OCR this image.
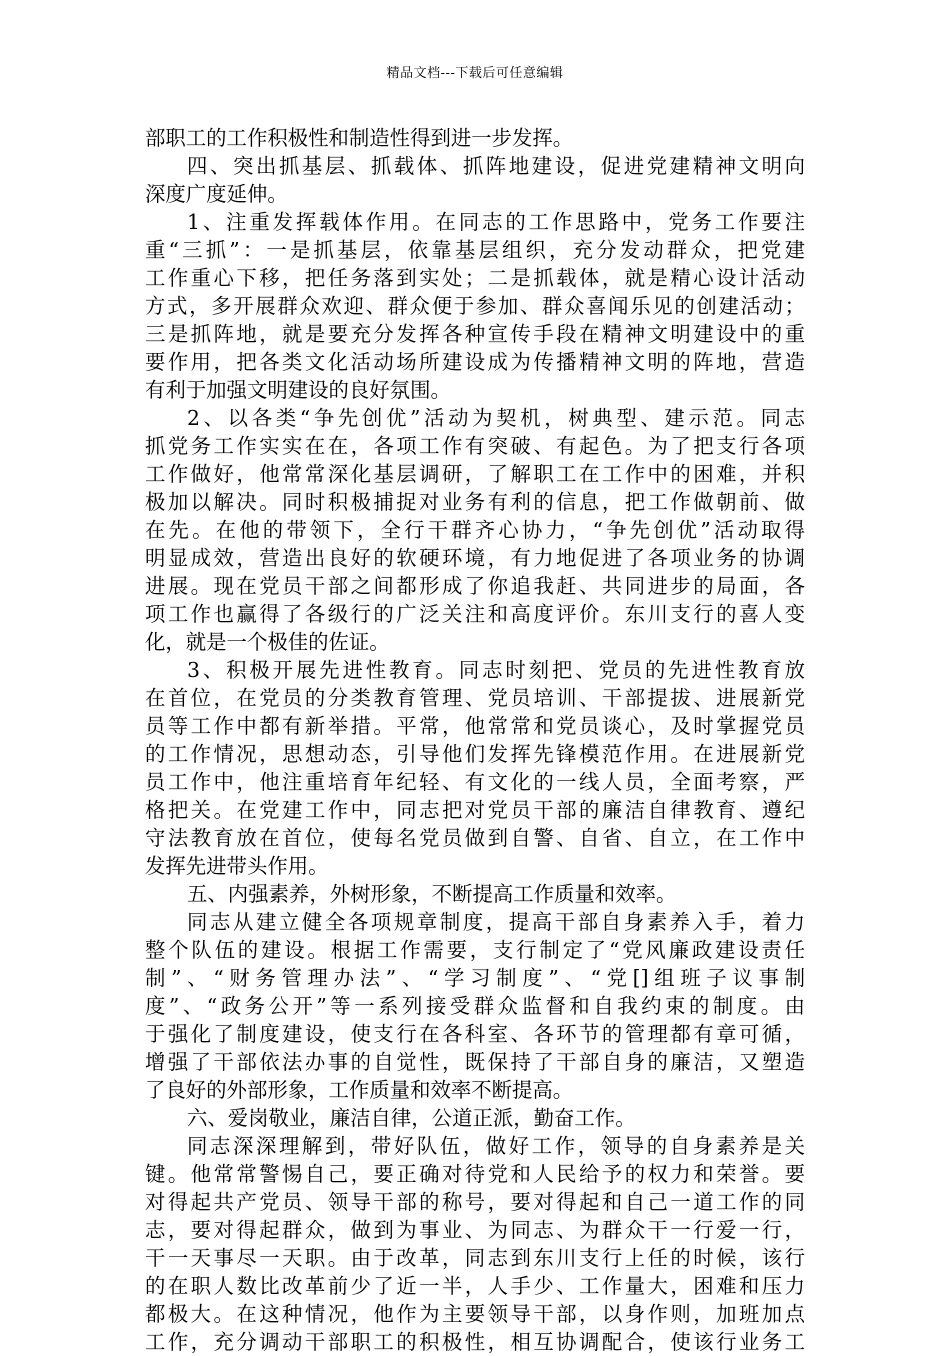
精品文档---下载后可任意编辑
部职工的工作积极性和制造性得到进一步发挥。
四、突出抓基层、抓载体、抓阵地建设，促进党建精神文明向
深度广度延伸。
1、注重发挥载体作用。在同志的工作思路中，党务工作要注
重“三抓”：一是抓基层，依靠基层组织，充分发动群众，把党建
工作重心下移，把任务落到实处；二是抓载体，就是精心设计活动
方式，多开展群众欢迎、群众便于参加、群众喜闻乐见的创建活动；
三是抓阵地，就是要充分发挥各种宣传手段在精神文明建设中的重
要作用，把各类文化活动场所建设成为传播精神文明的阵地，营造
有利于加强文明建设的良好氛围。
2、以各类“争先创优”活动为契机，树典型、建示范。同志
抓党务工作实实在在，各项工作有突破、有起色。为了把支行各项
工作做好，他常常深化基层调研，了解职工在工作中的困难，并积
极加以解决。同时积极捕捉对业务有利的信息，把工作做朝前、做
在先。在他的带领下，全行干群齐心协力，“争先创优”活动取得
明显成效，营造出良好的软硬环境，有力地促进了各项业务的协调
进展。现在党员干部之间都形成了你追我赶、共同进步的局面，各
项工作也赢得了各级行的广泛关注和高度评价。东川支行的喜人变
化，就是一个极佳的佐证。
3、积极开展先进性教育。同志时刻把、党员的先进性教育放
在首位，在党员的分类教育管理、党员培训、干部提拔、进展新党
员等工作中都有新举措。平常，他常常和党员谈心，及时掌握党员
的工作情况，思想动态，引导他们发挥先锋模范作用。在进展新党
员工作中，他注重培育年纪轻、有文化的一线人员，全面考察，严
格把关。在党建工作中，同志把对党员干部的廉洁自律教育、遵纪
守法教育放在首位，使每名党员做到自警、自省、自立，在工作中
发挥先进带头作用。
五、内强素养，外树形象，不断提高工作质量和效率。
同志从建立健全各项规章制度，提高干部自身素养入手，着力
整个队伍的建设。根据工作需要，支行制定了“党风廉政建设责任
制”、“财务管理办法”、“学习制度”、“党[]组班子议事制
度”、“政务公开”等一系列接受群众监督和自我约束的制度。由
于强化了制度建设，使支行在各科室、各环节的管理都有章可循，
增强了干部依法办事的自觉性，既保持了干部自身的廉洁，又塑造
了良好的外部形象，工作质量和效率不断提高。
六、爱岗敬业，廉洁自律，公道正派，勤奋工作。
同志深深理解到，带好队伍，做好工作，领导的自身素养是关
键。他常常警惕自己，要正确对待党和人民给予的权力和荣誉。要
对得起共产党员、领导干部的称号，要对得起和自己一道工作的同
志，要对得起群众，做到为事业、为同志、为群众干一行爱一行，
干一天事尽一天职。由于改革，同志到东川支行上任的时候，该行
的在职人数比改革前少了近一半，人手少、工作量大，困难和压力
都极大。在这种情况，他作为主要领导干部，以身作则，加班加点
工作，充分调动干部职工的积极性，相互协调配合，使该行业务工
